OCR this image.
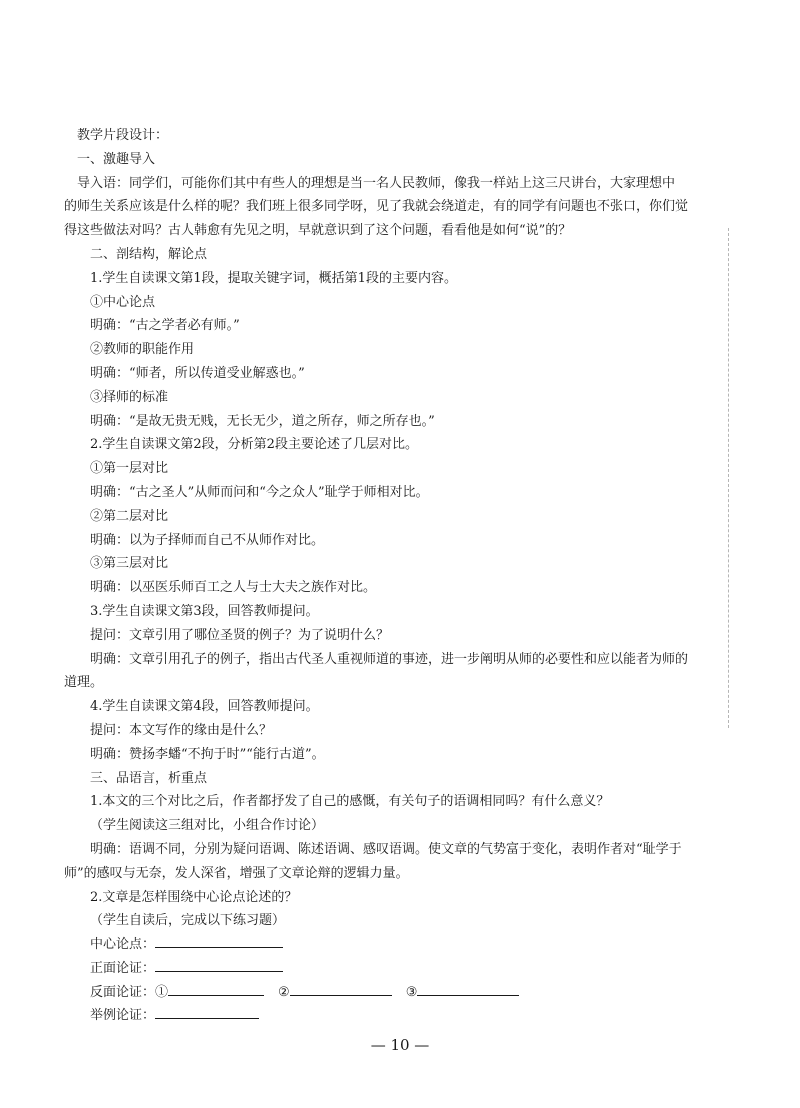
教学片段设计：
一、激趣导入
导入语：同学们，可能你们其中有些人的理想是当一名人民教师，像我一样站上这三尺讲台，大家理想中
的师生关系应该是什么样的呢？我们班上很多同学呀，见了我就会绕道走，有的同学有问题也不张口，你们觉
得这些做法对吗？古人韩愈有先见之明，早就意识到了这个问题，看看他是如何“说”的？
二、剖结构，解论点
1.学生自读课文第1段，提取关键字词，概括第1段的主要内容。
①中心论点
明确：“古之学者必有师。”
②教师的职能作用
明确：“师者，所以传道受业解惑也。”
③择师的标准
明确：“是故无贵无贱，无长无少，道之所存，师之所存也。”
2.学生自读课文第2段，分析第2段主要论述了几层对比。
①第一层对比
明确：“古之圣人”从师而问和“今之众人”耻学于师相对比。
②第二层对比
明确：以为子择师而自己不从师作对比。
③第三层对比
明确：以巫医乐师百工之人与士大夫之族作对比。
3.学生自读课文第3段，回答教师提问。
提问：文章引用了哪位圣贤的例子？为了说明什么？
明确：文章引用孔子的例子，指出古代圣人重视师道的事迹，进一步阐明从师的必要性和应以能者为师的
道理。
4.学生自读课文第4段，回答教师提问。
提问：本文写作的缘由是什么？
明确：赞扬李蟠“不拘于时”“能行古道”。
三、品语言，析重点
1.本文的三个对比之后，作者都抒发了自己的感慨，有关句子的语调相同吗？有什么意义？
（学生阅读这三组对比，小组合作讨论）
明确：语调不同，分别为疑问语调、陈述语调、感叹语调。使文章的气势富于变化，表明作者对“耻学于
师”的感叹与无奈，发人深省，增强了文章论辩的逻辑力量。
2.文章是怎样围绕中心论点论述的？
（学生自读后，完成以下练习题）
中心论点：
正面论证：
反面论证：①	②	③
举例论证：
— 10 —
